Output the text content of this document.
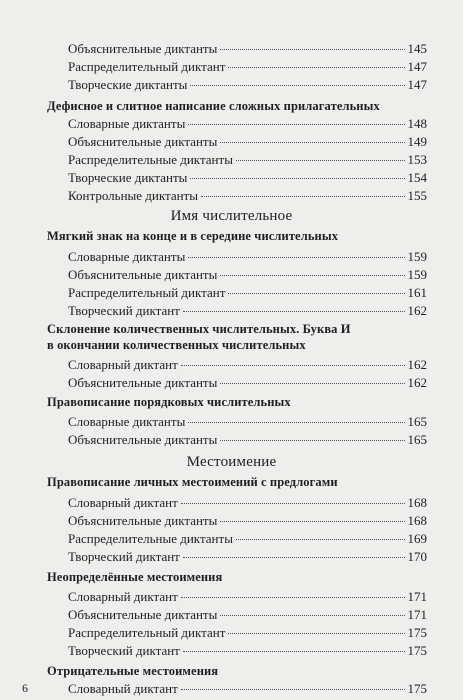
Объяснительные диктанты	145
Распределительный диктант	147
Творческие диктанты	147
Дефисное и слитное написание сложных прилагательных
Словарные диктанты	148
Объяснительные диктанты	149
Распределительные диктанты	153
Творческие диктанты	154
Контрольные диктанты	155
Имя числительное
Мягкий знак на конце и в середине числительных
Словарные диктанты	159
Объяснительные диктанты	159
Распределительный диктант	161
Творческий диктант	162
Склонение количественных числительных. Буква И
в окончании количественных числительных
Словарный диктант	162
Объяснительные диктанты	162
Правописание порядковых числительных
Словарные диктанты	165
Объяснительные диктанты	165
Местоимение
Правописание личных местоимений с предлогами
Словарный диктант	168
Объяснительные диктанты	168
Распределительные диктанты	169
Творческий диктант	170
Неопределённые местоимения
Словарный диктант	171
Объяснительные диктанты	171
Распределительный диктант	175
Творческий диктант	175
Отрицательные местоимения
Словарный диктант	175
6
